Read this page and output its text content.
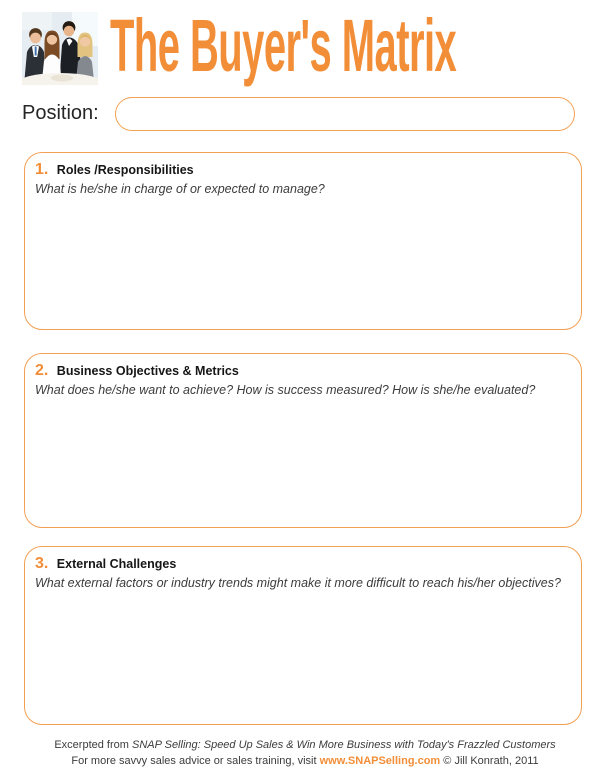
The Buyer's Matrix
Position:
1. Roles /Responsibilities
What is he/she in charge of or expected to manage?
2. Business Objectives & Metrics
What does he/she want to achieve? How is success measured? How is she/he evaluated?
3. External Challenges
What external factors or industry trends might make it more difficult to reach his/her objectives?
Excerpted from SNAP Selling: Speed Up Sales & Win More Business with Today's Frazzled Customers
For more savvy sales advice or sales training, visit www.SNAPSelling.com © Jill Konrath, 2011
